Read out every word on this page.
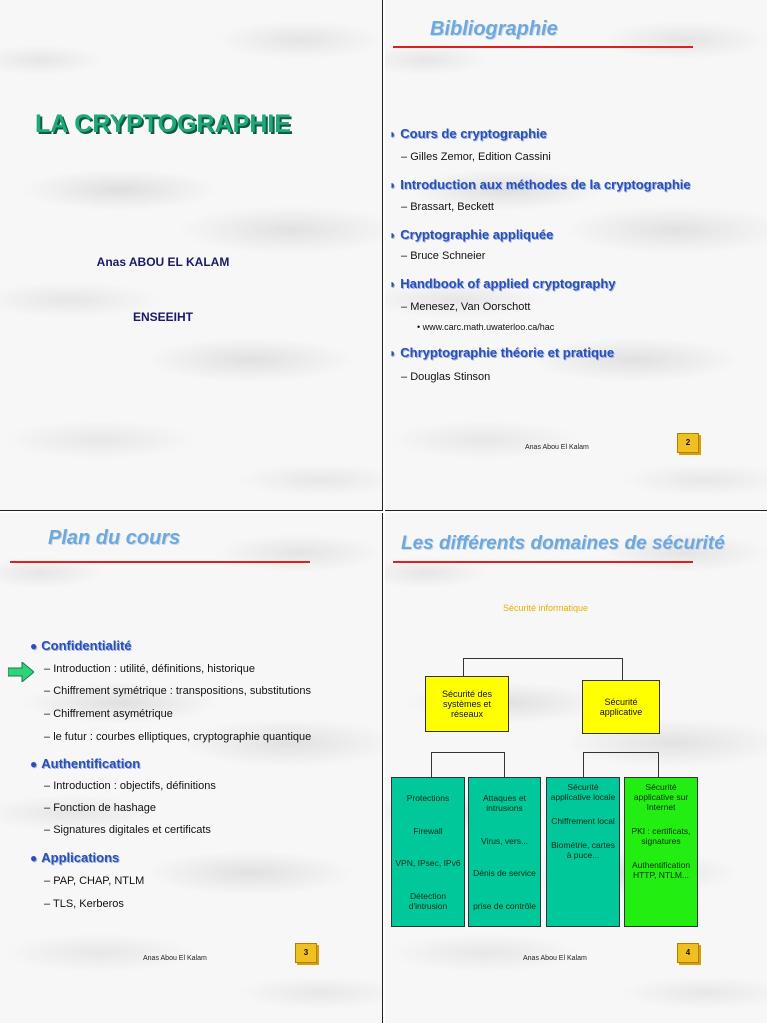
LA CRYPTOGRAPHIE
Anas ABOU EL KALAM
ENSEEIHT
Bibliographie
◗ Cours de cryptographie
– Gilles Zemor, Edition Cassini
◗ Introduction aux méthodes de la cryptographie
– Brassart, Beckett
◗ Cryptographie appliquée
– Bruce Schneier
◗ Handbook of applied cryptography
– Menesez, Van Oorschott
• www.carc.math.uwaterloo.ca/hac
◗ Chryptographie théorie et pratique
– Douglas Stinson
Anas Abou El Kalam
2
Plan du cours
● Confidentialité
– Introduction : utilité, définitions, historique
– Chiffrement symétrique : transpositions, substitutions
– Chiffrement asymétrique
– le futur : courbes elliptiques, cryptographie quantique
● Authentification
– Introduction : objectifs, définitions
– Fonction de hashage
– Signatures digitales et certificats
● Applications
– PAP, CHAP, NTLM
– TLS, Kerberos
Anas Abou El Kalam
3
Les différents domaines de sécurité
Sécurité informatique
Sécurité des systèmes et réseaux
Sécurité applicative
Protections
Firewall
VPN, IPsec, IPv6
Détection d'intrusion
Attaques et intrusions
Virus, vers...
Dénis de service
prise de contrôle
Sécurité applicative locale
Chiffrement local
Biométrie, cartes à puce...
Sécurité applicative sur Internet
PKI : certificats, signatures
Authentification HTTP, NTLM...
Anas Abou El Kalam
4
